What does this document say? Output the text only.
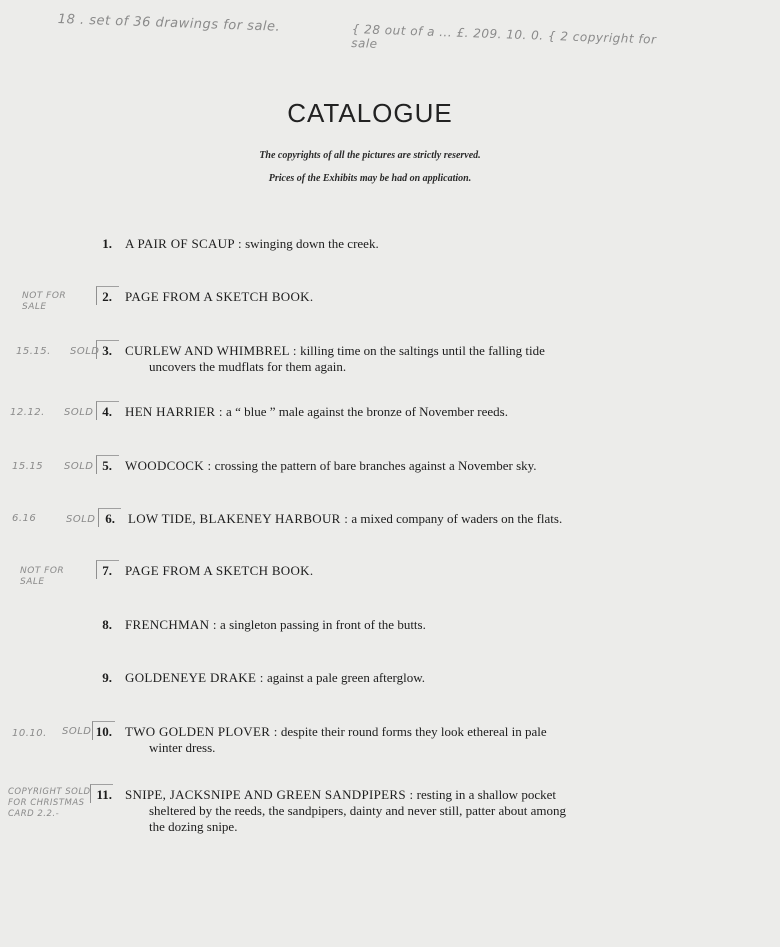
18 . set of 36 drawings for sale.	{ 28 out of a ... £. 209. 10. 0. { 2 copyright for sale
CATALOGUE
The copyrights of all the pictures are strictly reserved.
Prices of the Exhibits may be had on application.
1. A PAIR OF SCAUP : swinging down the creek.
NOT FOR SALE
2. PAGE FROM A SKETCH BOOK.
15.15. SOLD 3. CURLEW AND WHIMBREL : killing time on the saltings until the falling tide
uncovers the mudflats for them again.
12.12. SOLD 4. HEN HARRIER : a “ blue ” male against the bronze of November reeds.
15.15 SOLD 5. WOODCOCK : crossing the pattern of bare branches against a November sky.
6.16	SOLD 6. LOW TIDE, BLAKENEY HARBOUR : a mixed company of waders on the flats.
NOT FOR SALE
7. PAGE FROM A SKETCH BOOK.
8. FRENCHMAN : a singleton passing in front of the butts.
9. GOLDENEYE DRAKE : against a pale green afterglow.
10.10. SOLD 10. TWO GOLDEN PLOVER : despite their round forms they look ethereal in pale
winter dress.
COPYRIGHT SOLD FOR CHRISTMAS CARD 2.2.-
11. SNIPE, JACKSNIPE AND GREEN SANDPIPERS : resting in a shallow pocket
sheltered by the reeds, the sandpipers, dainty and never still, patter about among
the dozing snipe.
